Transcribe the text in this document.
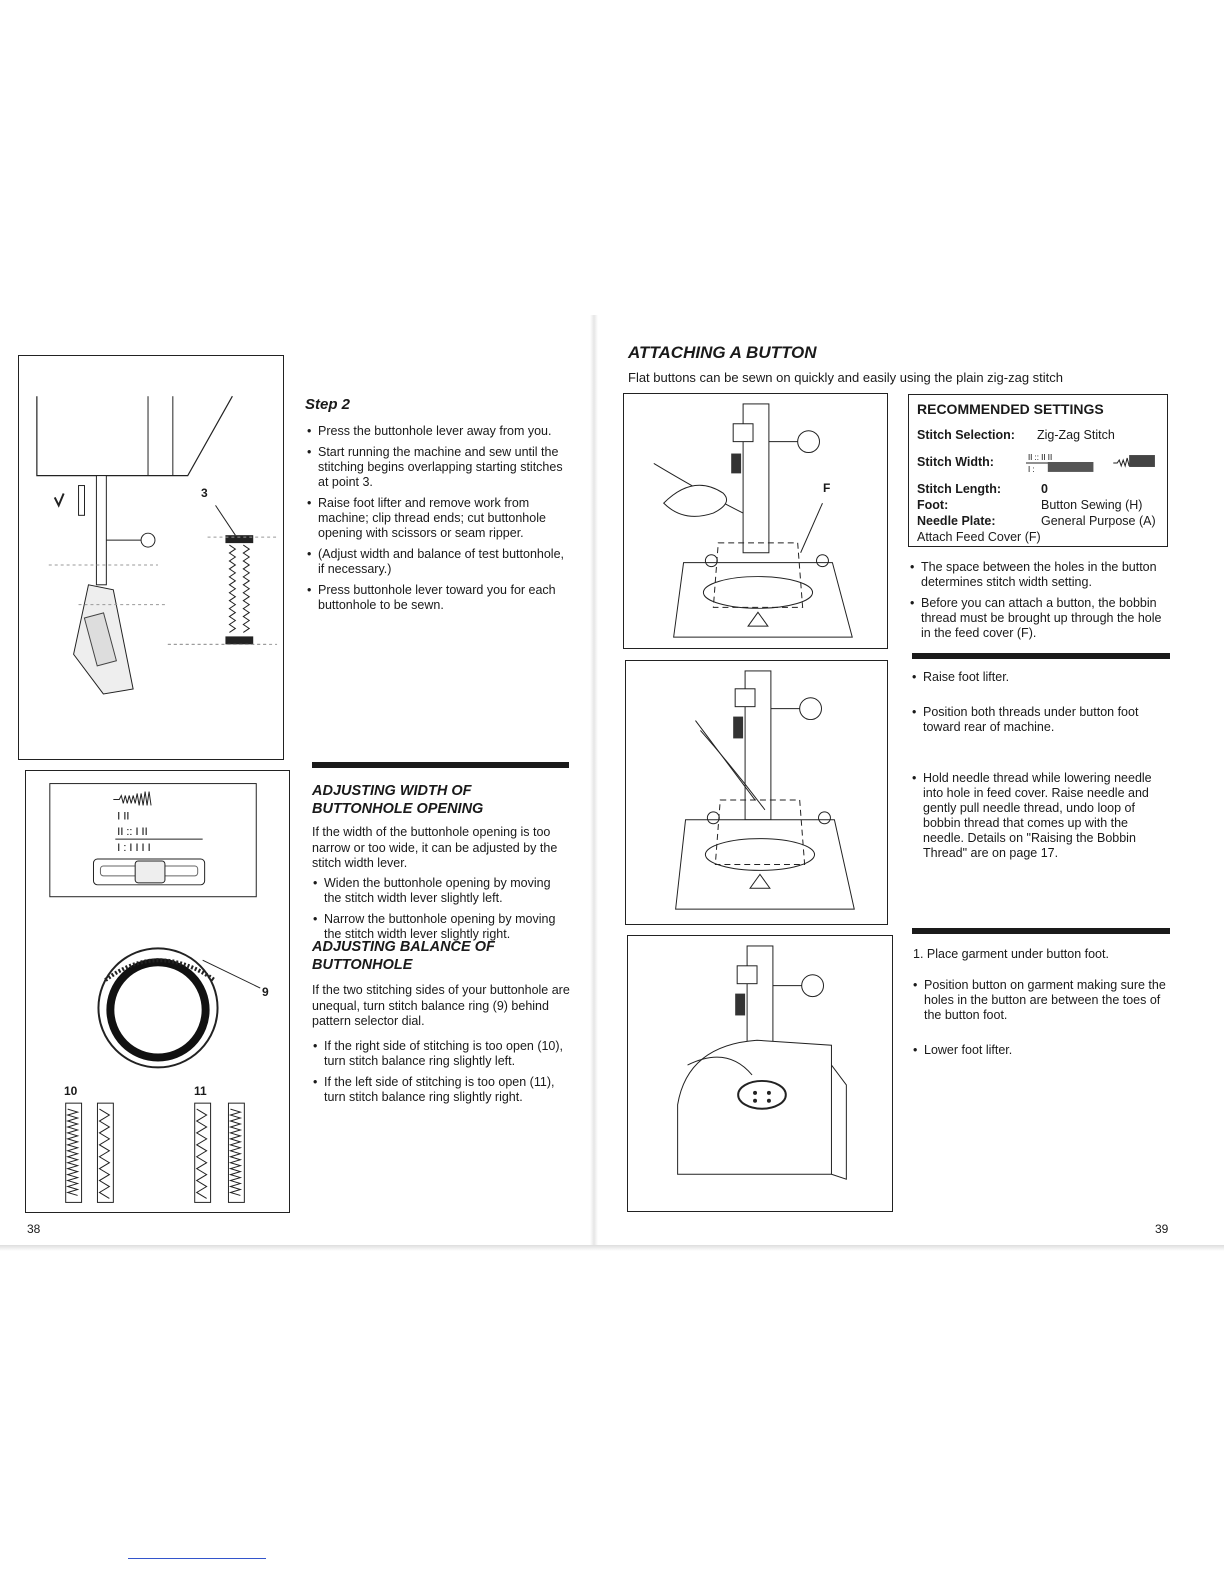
3
Step 2
• Press the buttonhole lever away from you.
• Start running the machine and sew until the stitching begins overlapping starting stitches at point 3.
• Raise foot lifter and remove work from machine; clip thread ends; cut buttonhole opening with scissors or seam ripper.
• (Adjust width and balance of test buttonhole, if necessary.)
• Press buttonhole lever toward you for each buttonhole to be sewn.
I II
II :: I II
I : I I I I
9
10	11
ADJUSTING WIDTH OF
BUTTONHOLE OPENING
If the width of the buttonhole opening is too narrow or too wide, it can be adjusted by the stitch width lever.
• Widen the buttonhole opening by moving the stitch width lever slightly left.
• Narrow the buttonhole opening by moving the stitch width lever slightly right.
ADJUSTING BALANCE OF
BUTTONHOLE
If the two stitching sides of your buttonhole are unequal, turn stitch balance ring (9) behind pattern selector dial.
• If the right side of stitching is too open (10), turn stitch balance ring slightly left.
• If the left side of stitching is too open (11), turn stitch balance ring slightly right.
38
ATTACHING A BUTTON
Flat buttons can be sewn on quickly and easily using the plain zig-zag stitch
F
RECOMMENDED SETTINGS
Stitch Selection:	Zig-Zag Stitch
Stitch Width:	II :: II II
I :
Stitch Length:	0
Foot:	Button Sewing (H)
Needle Plate:	General Purpose (A)
Attach Feed Cover (F)
• The space between the holes in the button determines stitch width setting.
• Before you can attach a button, the bobbin thread must be brought up through the hole in the feed cover (F).
• Raise foot lifter.
• Position both threads under button foot toward rear of machine.
• Hold needle thread while lowering needle into hole in feed cover. Raise needle and gently pull needle thread, undo loop of bobbin thread that comes up with the needle. Details on "Raising the Bobbin Thread" are on page 17.
1. Place garment under button foot.
• Position button on garment making sure the holes in the button are between the toes of the button foot.
• Lower foot lifter.
39
